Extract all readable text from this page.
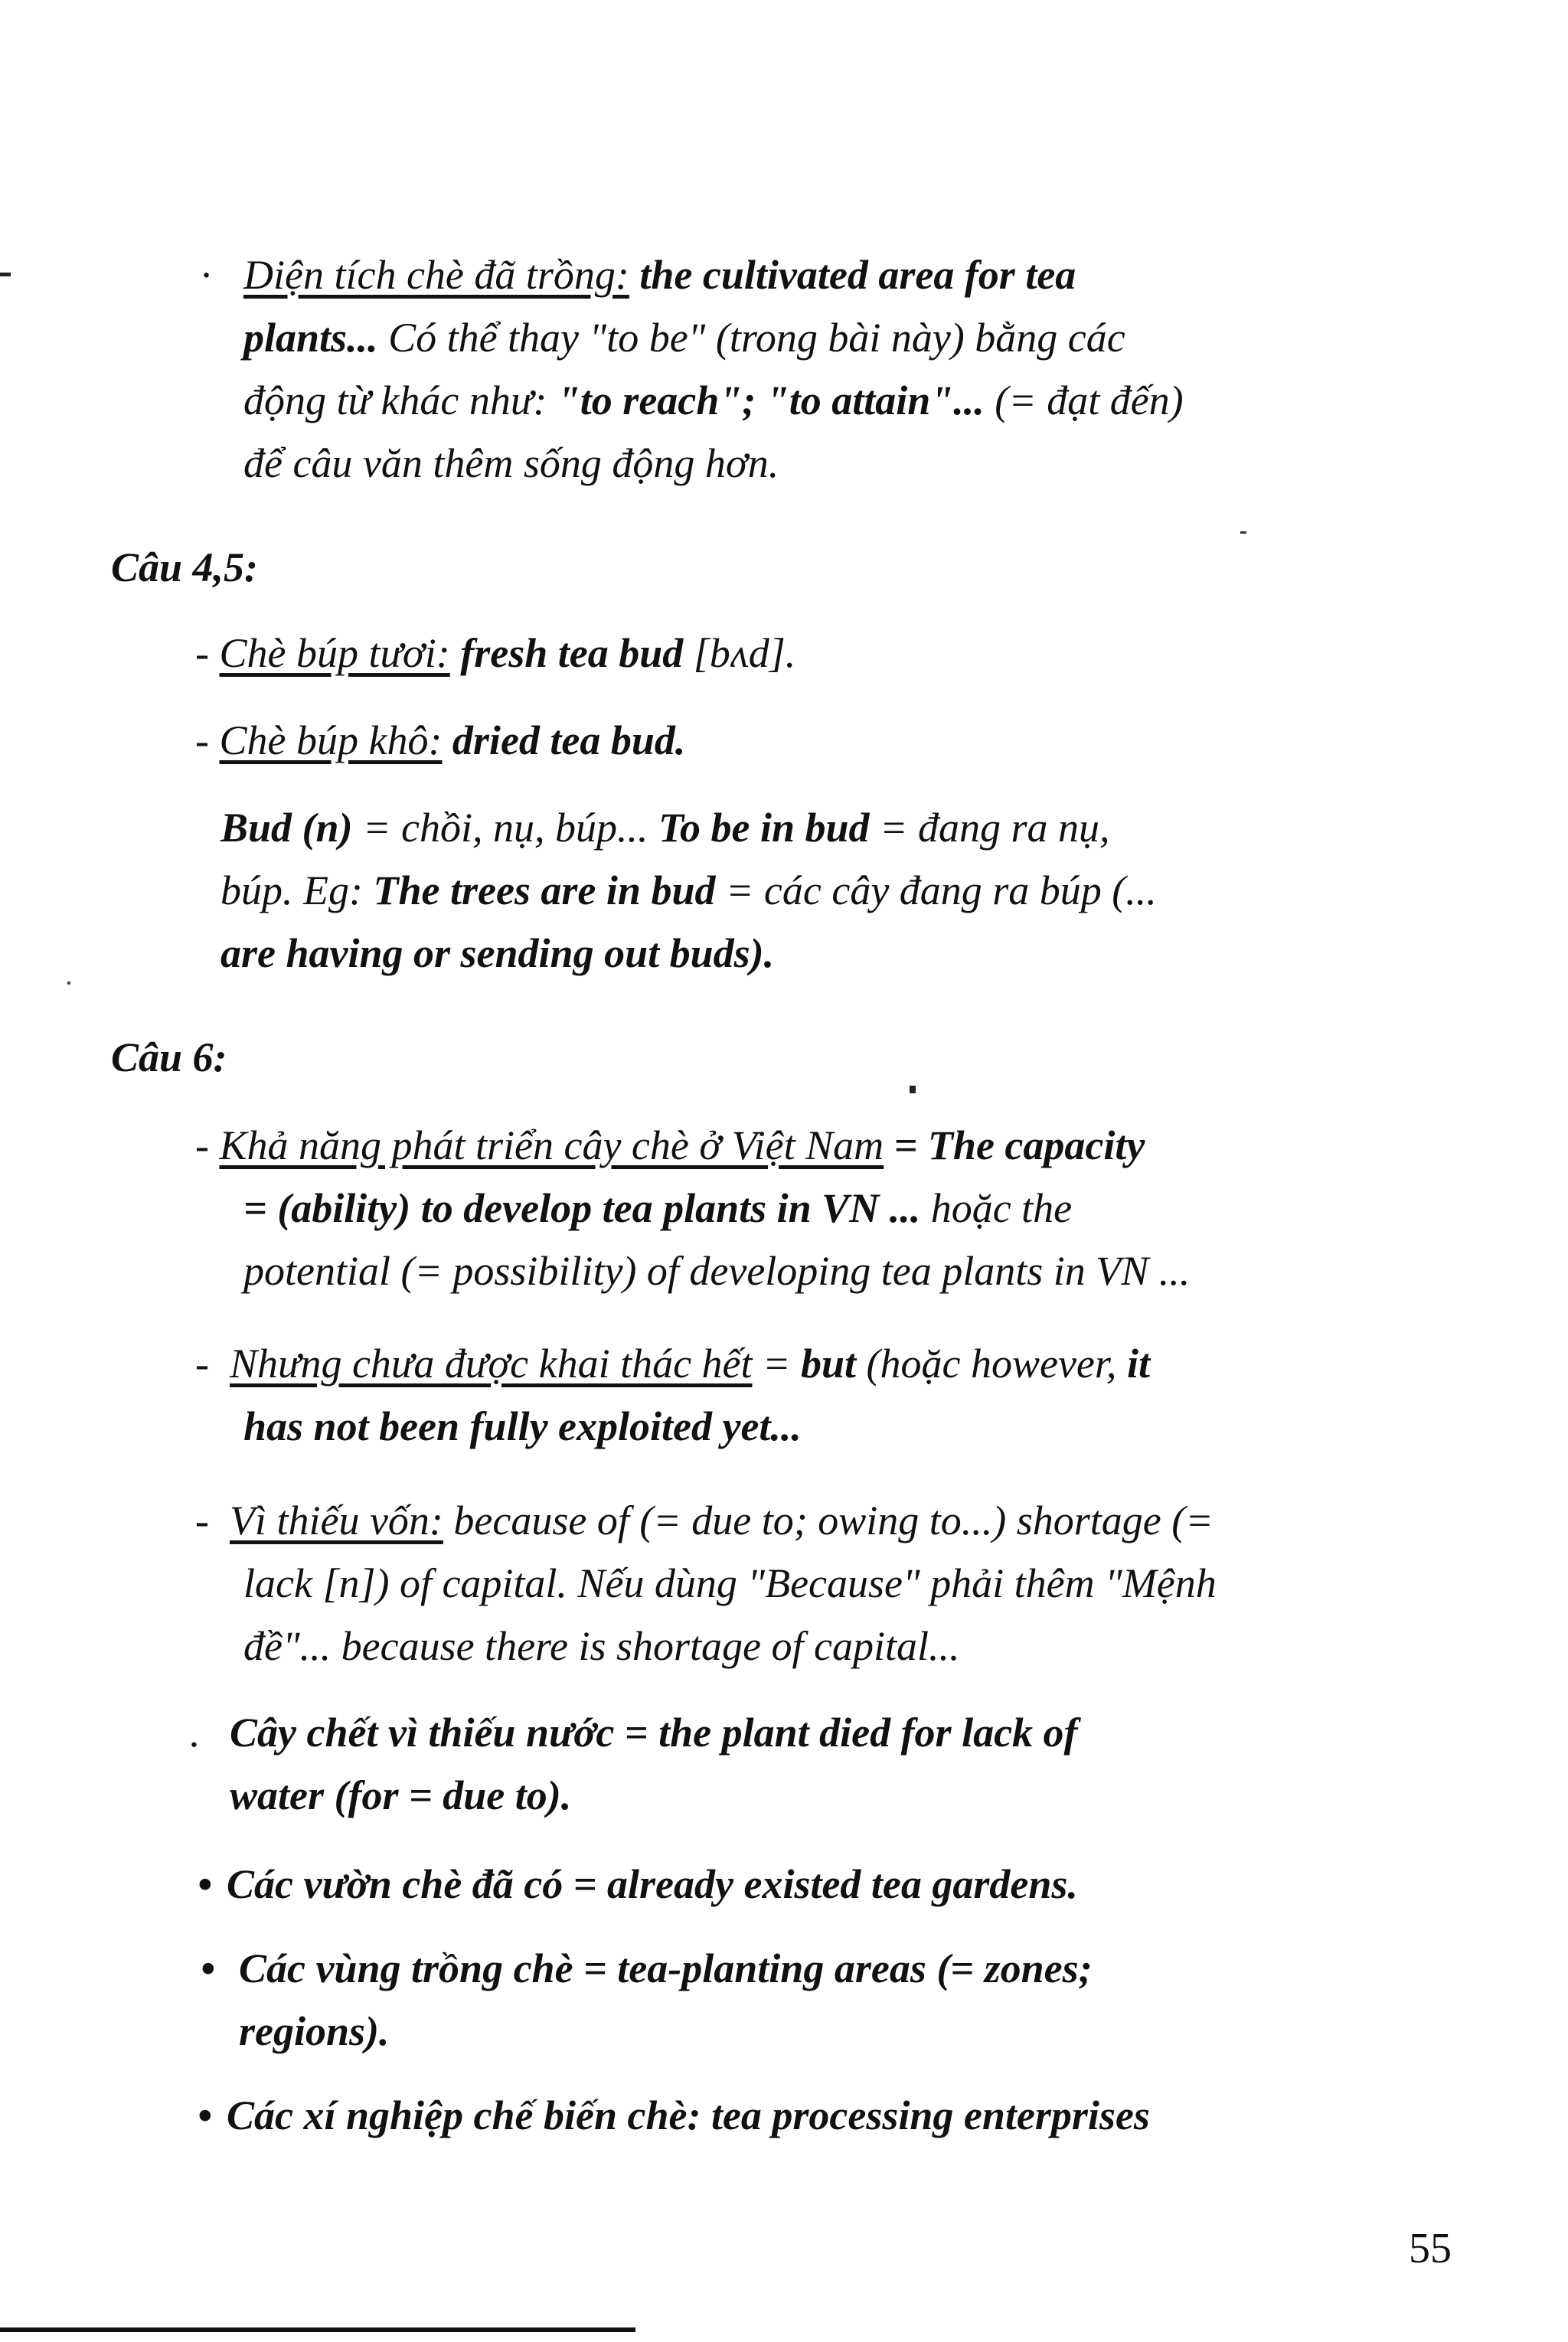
· Diện tích chè đã trồng: the cultivated area for tea
plants... Có thể thay "to be" (trong bài này) bằng các
động từ khác như: "to reach"; "to attain"... (= đạt đến)
để câu văn thêm sống động hơn.
Câu 4,5:
- Chè búp tươi: fresh tea bud [bʌd].
- Chè búp khô: dried tea bud.
Bud (n) = chồi, nụ, búp... To be in bud = đang ra nụ,
búp. Eg: The trees are in bud = các cây đang ra búp (...
are having or sending out buds).
Câu 6:
- Khả năng phát triển cây chè ở Việt Nam = The capacity
= (ability) to develop tea plants in VN ... hoặc the
potential (= possibility) of developing tea plants in VN ...
-  Nhưng chưa được khai thác hết = but (hoặc however, it
has not been fully exploited yet...
-  Vì thiếu vốn: because of (= due to; owing to...) shortage (=
lack [n]) of capital. Nếu dùng "Because" phải thêm "Mệnh
đề"... because there is shortage of capital...
. Cây chết vì thiếu nước = the plant died for lack of
water (for = due to).
• Các vườn chè đã có = already existed tea gardens.
• Các vùng trồng chè = tea-planting areas (= zones;
regions).
• Các xí nghiệp chế biến chè: tea processing enterprises
55
